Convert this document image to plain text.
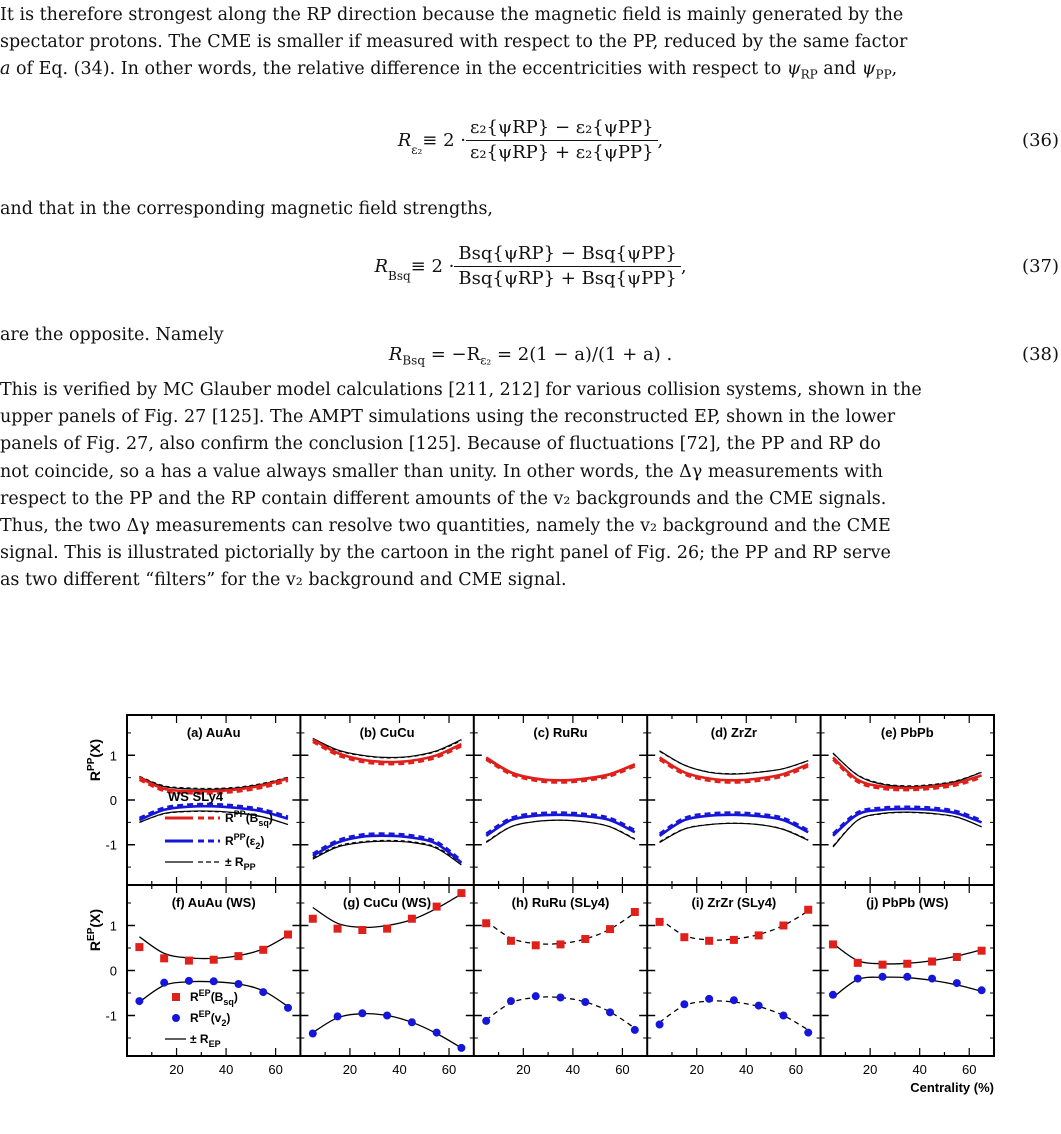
It is therefore strongest along the RP direction because the magnetic field is mainly generated by the
spectator protons. The CME is smaller if measured with respect to the PP, reduced by the same factor
a of Eq. (34). In other words, the relative difference in the eccentricities with respect to $\psi_{RP}$ and $\psi_{PP}$,

$R\varepsilon_2\equiv 2 \cdot \frac{\text{ε₂\{ψRP\} − ε₂\{ψPP\}}}{\text{ε₂\{ψRP\} + ε₂\{ψPP\}}}$ ,	(36)

and that in the corresponding magnetic field strengths,

RBsq≡ $2 \cdot \frac{\text{Bsq\{ψRP\} − Bsq\{ψPP\}}}{\text{Bsq\{ψRP\} + Bsq\{ψPP\}}}$ ,	(37)

are the opposite. Namely

$R_{Bsq} = -R_{\varepsilon_2} = 2(1 - a)/(1 + a)$ .	(38)

This is verified by MC Glauber model calculations [211, 212] for various collision systems, shown in the
upper panels of Fig. 27 [125]. The AMPT simulations using the reconstructed EP, shown in the lower
panels of Fig. 27, also confirm the conclusion [125]. Because of fluctuations [72], the PP and RP do
not coincide, so a has a value always smaller than unity. In other words, the Δγ measurements with
respect to the PP and the RP contain different amounts of the v₂ backgrounds and the CME signals.
Thus, the two Δγ measurements can resolve two quantities, namely the v₂ background and the CME
signal. This is illustrated pictorially by the cartoon in the right panel of Fig. 26; the PP and RP serve
as two different “filters” for the v₂ background and CME signal.

1
0
-1
(a) AuAu	(b) CuCu	(c) RuRu	(d) ZrZr	(e) PbPb
1
0
-1
(f) AuAu (WS)	(g) CuCu (WS)	(h) RuRu (SLy4)	(i) ZrZr (SLy4)	(j) PbPb (WS)
20	40	60	20	40	60	20	40	60	20	40	60	20	40	60
Centrality (%)
$R^{PP}(X)$
$R^{EP}(X)$
WS SLy4
$R^{PP}(B_{sq})$
$R^{PP}(\varepsilon_2)$
± $R_{PP}$
$R^{EP}(B_{sq})$
$R^{EP}(v_2)$
± $R_{EP}$
